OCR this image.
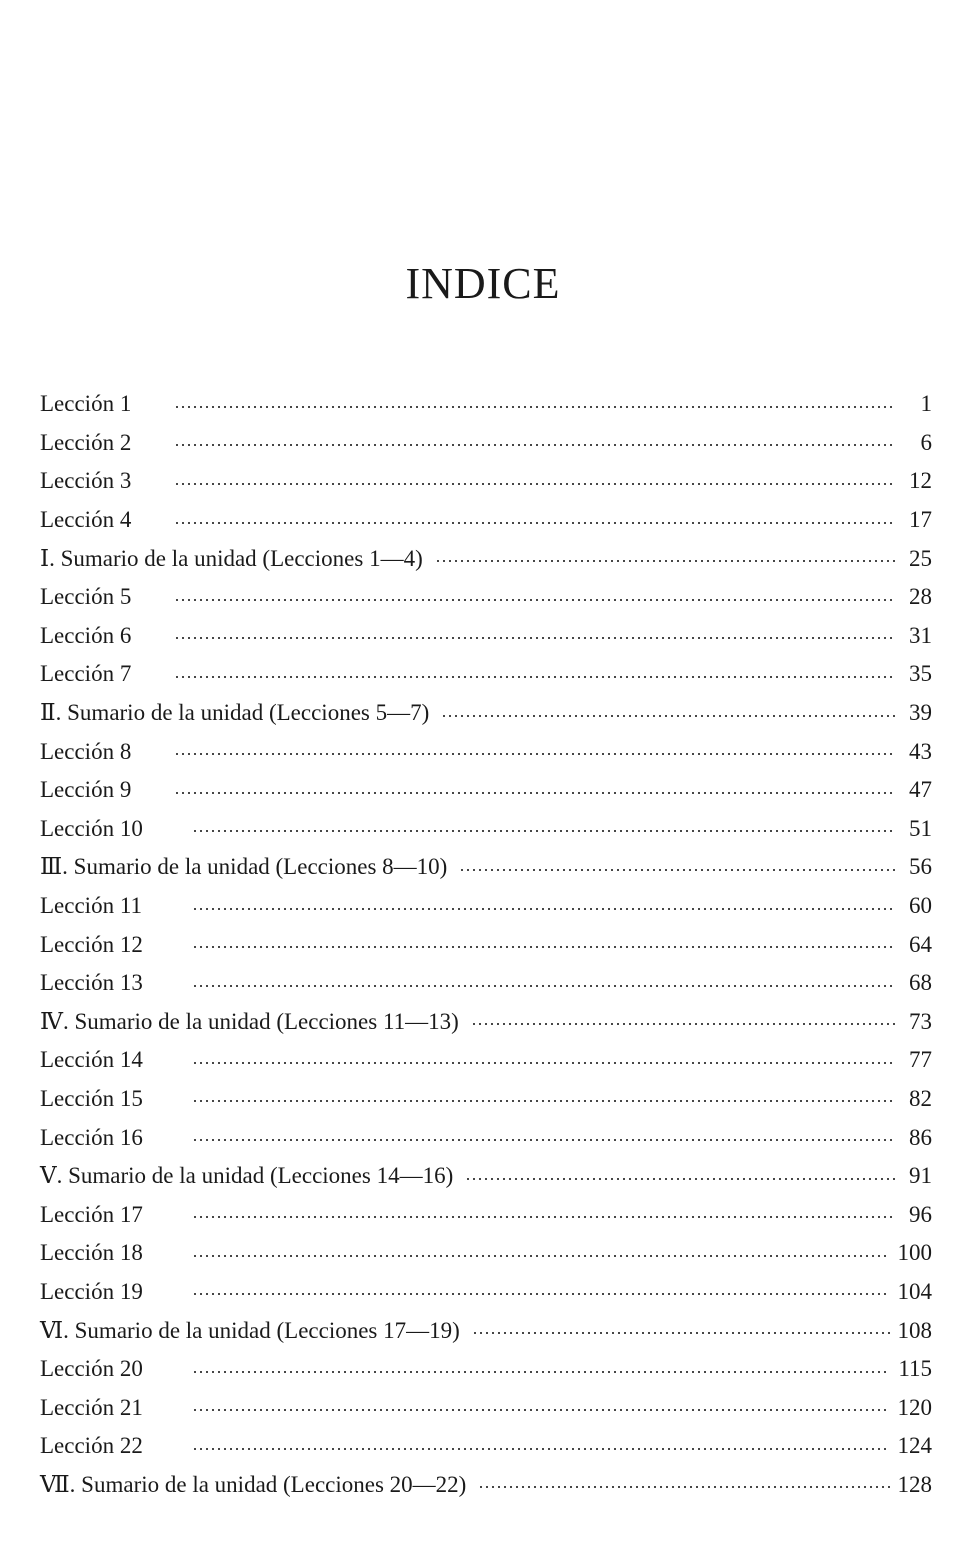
INDICE
Lección 1	1
Lección 2	6
Lección 3	12
Lección 4	17
Ⅰ. Sumario de la unidad (Lecciones 1—4)	25
Lección 5	28
Lección 6	31
Lección 7	35
Ⅱ. Sumario de la unidad (Lecciones 5—7)	39
Lección 8	43
Lección 9	47
Lección 10	51
Ⅲ. Sumario de la unidad (Lecciones 8—10)	56
Lección 11	60
Lección 12	64
Lección 13	68
Ⅳ. Sumario de la unidad (Lecciones 11—13)	73
Lección 14	77
Lección 15	82
Lección 16	86
Ⅴ. Sumario de la unidad (Lecciones 14—16)	91
Lección 17	96
Lección 18	100
Lección 19	104
Ⅵ. Sumario de la unidad (Lecciones 17—19)	108
Lección 20	115
Lección 21	120
Lección 22	124
Ⅶ. Sumario de la unidad (Lecciones 20—22)	128
